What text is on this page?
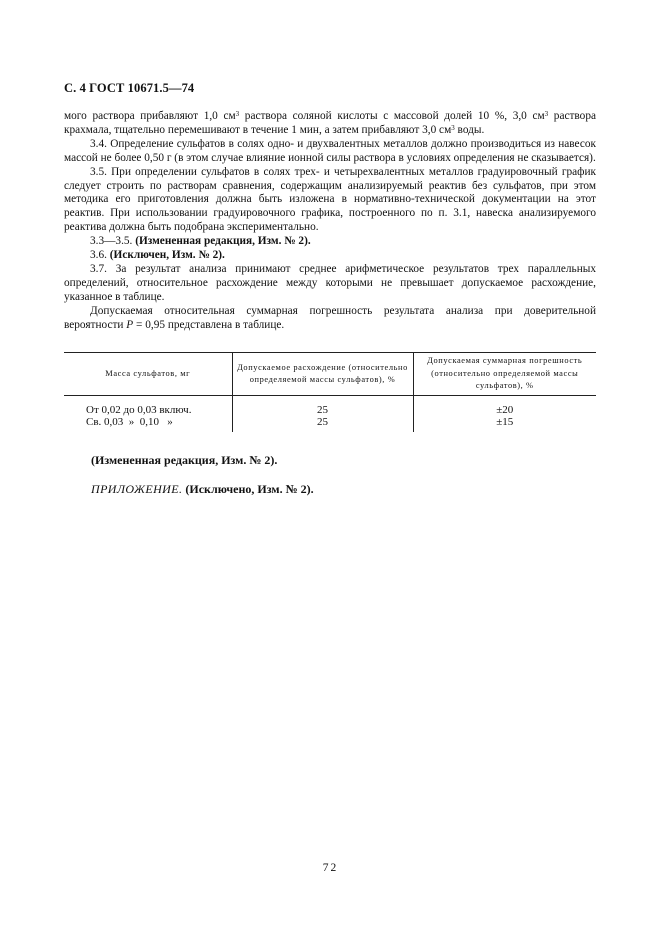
С. 4 ГОСТ 10671.5—74

мого раствора прибавляют 1,0 $см^3$ раствора соляной кислоты с массовой долей 10 %, 3,0 $см^3$ раствора крахмала, тщательно перемешивают в течение 1 мин, а затем прибавляют 3,0 $см^3$ воды.

3.4. Определение сульфатов в солях одно- и двухвалентных металлов должно производиться из навесок массой не более 0,50 г (в этом случае влияние ионной силы раствора в условиях определения не сказывается).

3.5. При определении сульфатов в солях трех- и четырехвалентных металлов градуировочный график следует строить по растворам сравнения, содержащим анализируемый реактив без сульфатов, при этом методика его приготовления должна быть изложена в нормативно-технической документации на этот реактив. При использовании градуировочного графика, построенного по п. 3.1, навеска анализируемого реактива должна быть подобрана экспериментально.

3.3—3.5. (Измененная редакция, Изм. № 2).

3.6. (Исключен, Изм. № 2).

3.7. За результат анализа принимают среднее арифметическое результатов трех параллельных определений, относительное расхождение между которыми не превышает допускаемое расхождение, указанное в таблице.

Допускаемая относительная суммарная погрешность результата анализа при доверительной вероятности P = 0,95 представлена в таблице.

Масса сульфатов, мг	Допускаемое расхождение (относительно определяемой массы сульфатов), %	Допускаемая суммарная погрешность (относительно определяемой массы сульфатов), %
От 0,02 до 0,03 включ.	25	±20
Св. 0,03  »  0,10   »	25	±15
(Измененная редакция, Изм. № 2).
ПРИЛОЖЕНИЕ. (Исключено, Изм. № 2).
72
